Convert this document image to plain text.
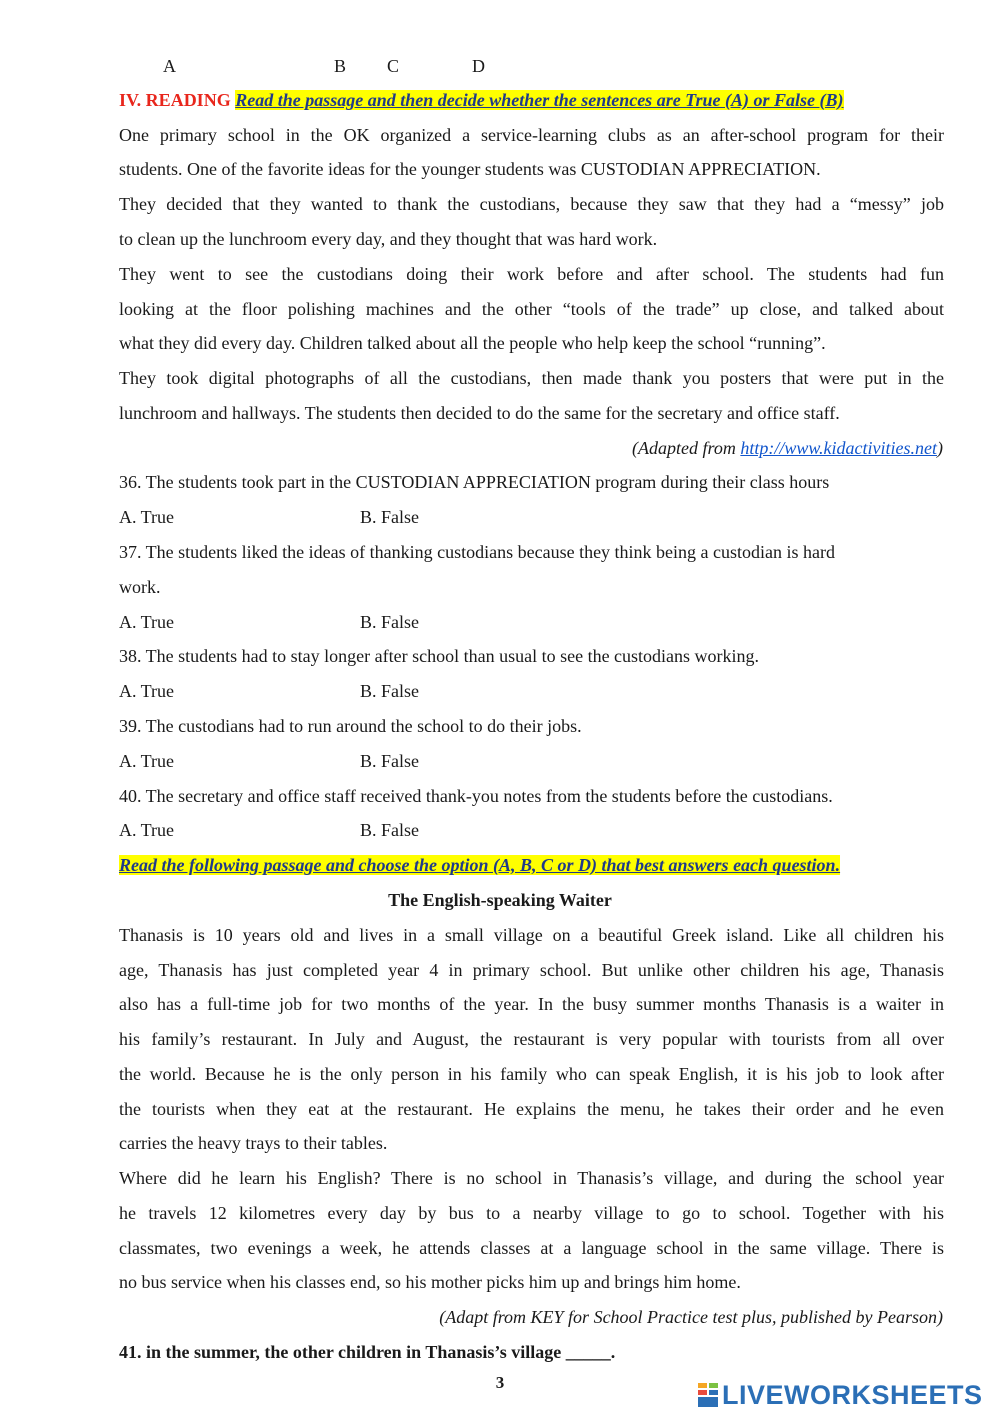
A	B C	D
IV. READING Read the passage and then decide whether the sentences are True (A) or False (B)
One primary school in the OK organized a service-learning clubs as an after-school program for their
students. One of the favorite ideas for the younger students was CUSTODIAN APPRECIATION.
They decided that they wanted to thank the custodians, because they saw that they had a “messy” job
to clean up the lunchroom every day, and they thought that was hard work.
They went to see the custodians doing their work before and after school. The students had fun
looking at the floor polishing machines and the other “tools of the trade” up close, and talked about
what they did every day. Children talked about all the people who help keep the school “running”.
They took digital photographs of all the custodians, then made thank you posters that were put in the
lunchroom and hallways. The students then decided to do the same for the secretary and office staff.
(Adapted from http://www.kidactivities.net)
36. The students took part in the CUSTODIAN APPRECIATION program during their class hours
A. True	B. False
37. The students liked the ideas of thanking custodians because they think being a custodian is hard
work.
A. True	B. False
38. The students had to stay longer after school than usual to see the custodians working.
A. True	B. False
39. The custodians had to run around the school to do their jobs.
A. True	B. False
40. The secretary and office staff received thank-you notes from the students before the custodians.
A. True	B. False
Read the following passage and choose the option (A, B, C or D) that best answers each question.
The English-speaking Waiter
Thanasis is 10 years old and lives in a small village on a beautiful Greek island. Like all children his
age, Thanasis has just completed year 4 in primary school. But unlike other children his age, Thanasis
also has a full-time job for two months of the year. In the busy summer months Thanasis is a waiter in
his family’s restaurant. In July and August, the restaurant is very popular with tourists from all over
the world. Because he is the only person in his family who can speak English, it is his job to look after
the tourists when they eat at the restaurant. He explains the menu, he takes their order and he even
carries the heavy trays to their tables.
Where did he learn his English? There is no school in Thanasis’s village, and during the school year
he travels 12 kilometres every day by bus to a nearby village to go to school. Together with his
classmates, two evenings a week, he attends classes at a language school in the same village. There is
no bus service when his classes end, so his mother picks him up and brings him home.
(Adapt from KEY for School Practice test plus, published by Pearson)
41. in the summer, the other children in Thanasis’s village _____.
3	LIVEWORKSHEETS
